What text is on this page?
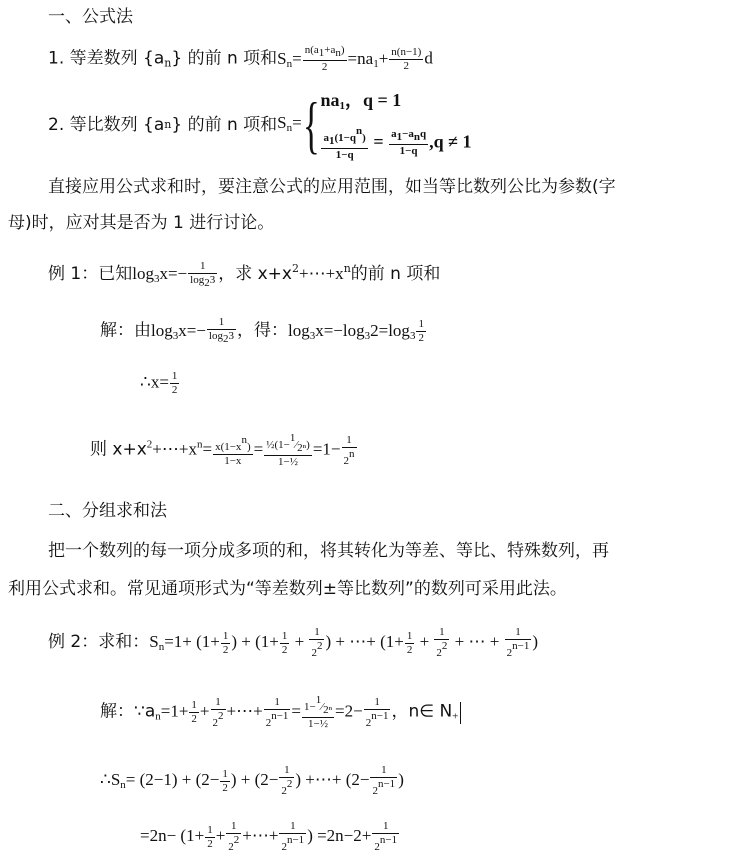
一、公式法
1. 等差数列 $\{a_n\}$ 的前 n 项和$S_n= \frac{n(a_1+a_n)}{2} =na_1+ \frac{n(n-1)}{2}$ d
2. 等比数列 {a n } 的前 n 项和 $S_n=$ { $na_1$，q = 1
$\frac{a_1(1-q^n)}{1-q} = \frac{a_1-a_nq}{1-q} ,q \ne 1$
直接应用公式求和时，要注意公式的应用范围，如当等比数列公比为参数(字
母)时，应对其是否为 1 进行讨论。
例 1：已知$\log_3x=- \frac{1}{\log_23}$ ，求 $x+x^2+\cdots+x^n$的前 n 项和
解：由$\log_3x=- \frac{1}{\log_23}$ ，得：$\log_3x=-\log_32=\log_3 \frac{1}{2}$
∴x= $\frac{1}{2}$
则 $x+x^2+\cdots+x^n= \frac{x(1-x^n)}{1-x} = \frac{\frac{1}{2}(1-^1⁄_{2^n})}{\text{1−½}} =1- \frac{1}{2^n}$
二、分组求和法
把一个数列的每一项分成多项的和，将其转化为等差、等比、特殊数列，再
利用公式求和。常见通项形式为“等差数列±等比数列”的数列可采用此法。
例 2：求和：$S_n=1+ (1+ \frac{1}{2}$ ) + ($1+ \frac{1}{2} + \frac{1}{2^2}$ ) + ⋯+ ($1+ \frac{1}{2} + \frac{1}{2^2}$ + ⋯ + $\frac{1}{2^{n-1}}$ )
解：$\because a_n=1+ \frac{1}{2} + \frac{1}{2^2}$ +⋯+ $\frac{1}{2^{n-1}} = \frac{1-^1⁄_{2^n}}{\text{1−½}} =2- \frac{1}{2^{n-1}}$ ，n∈ $N_+$
$\therefore S_n= (2-1) + (2- \frac{1}{2}$ ) + ($2- \frac{1}{2^2}$ ) +⋯+ ($2- \frac{1}{2^{n-1}}$ )
$=2n- (1+ \frac{1}{2} + \frac{1}{2^2}$ +⋯+ $\frac{1}{2^{n-1}}$ ) $=2n-2+ \frac{1}{2^{n-1}}$
